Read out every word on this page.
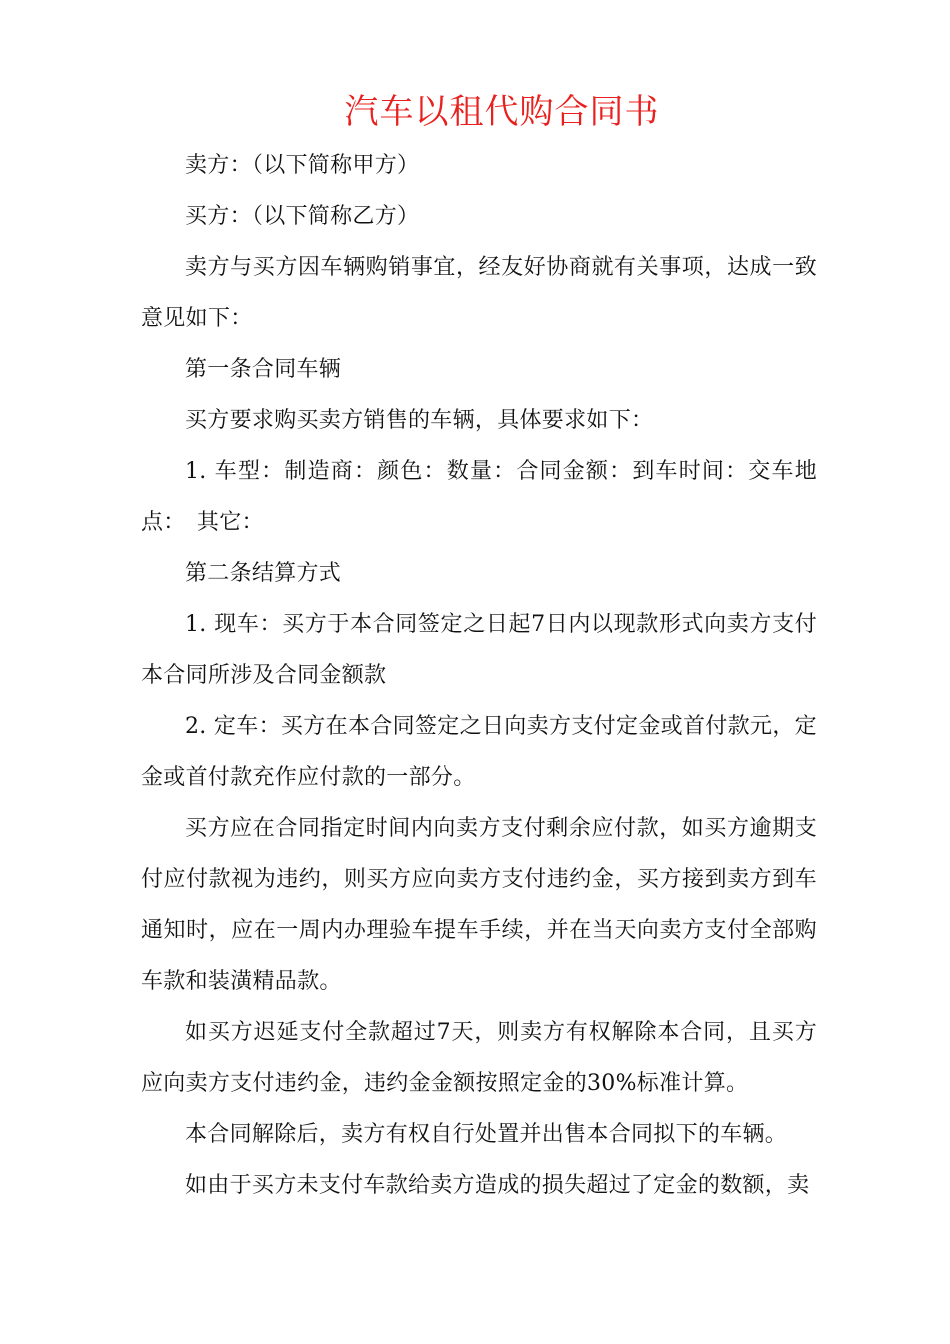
汽车以租代购合同书

卖方：（以下简称甲方）

买方：（以下简称乙方）

卖方与买方因车辆购销事宜，经友好协商就有关事项，达成一致意见如下：

第一条合同车辆

买方要求购买卖方销售的车辆，具体要求如下：

1. 车型：制造商：颜色：数量：合同金额：到车时间：交车地点：　其它：

第二条结算方式

1. 现车：买方于本合同签定之日起7日内以现款形式向卖方支付本合同所涉及合同金额款

2. 定车：买方在本合同签定之日向卖方支付定金或首付款元，定金或首付款充作应付款的一部分。

买方应在合同指定时间内向卖方支付剩余应付款，如买方逾期支付应付款视为违约，则买方应向卖方支付违约金，买方接到卖方到车通知时，应在一周内办理验车提车手续，并在当天向卖方支付全部购车款和装潢精品款。

如买方迟延支付全款超过7天，则卖方有权解除本合同，且买方应向卖方支付违约金，违约金金额按照定金的30%标准计算。

本合同解除后，卖方有权自行处置并出售本合同拟下的车辆。

如由于买方未支付车款给卖方造成的损失超过了定金的数额，卖
